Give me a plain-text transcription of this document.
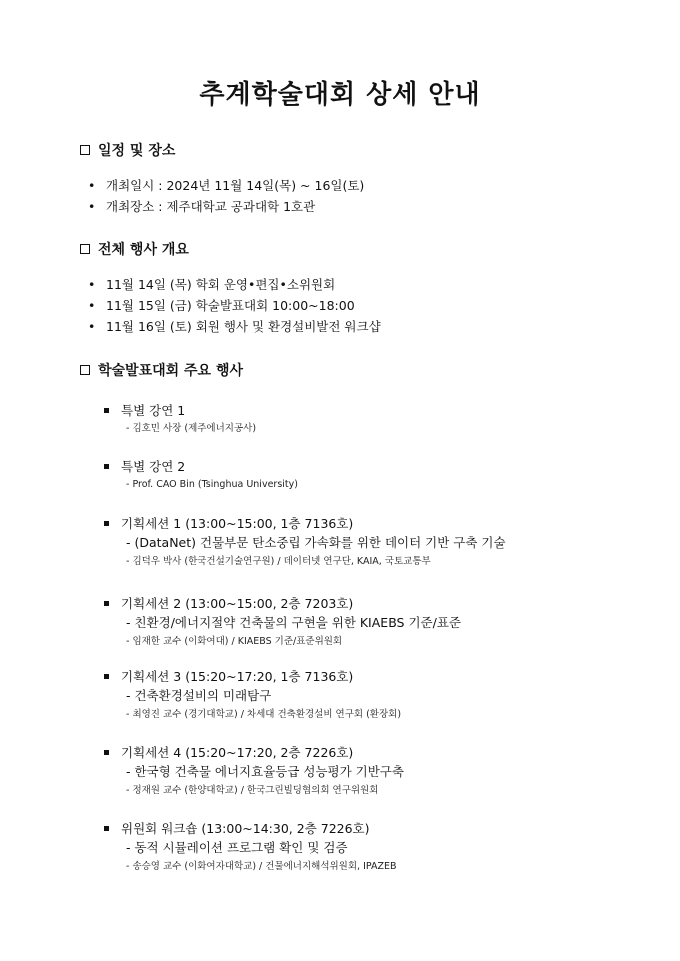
추계학술대회 상세 안내
일정 및 장소
• 개최일시 : 2024년 11월 14일(목) ~ 16일(토)
• 개최장소 : 제주대학교 공과대학 1호관
전체 행사 개요
• 11월 14일 (목) 학회 운영•편집•소위원회
• 11월 15일 (금) 학술발표대회 10:00~18:00
• 11월 16일 (토) 회원 행사 및 환경설비발전 워크샵
학술발표대회 주요 행사
특별 강연 1
- 김호민 사장 (제주에너지공사)
특별 강연 2
- Prof. CAO Bin (Tsinghua University)
기획세션 1 (13:00~15:00, 1층 7136호)
- (DataNet) 건물부문 탄소중립 가속화를 위한 데이터 기반 구축 기술
- 김덕우 박사 (한국건설기술연구원) / 데이터넷 연구단, KAIA, 국토교통부
기획세션 2 (13:00~15:00, 2층 7203호)
- 친환경/에너지절약 건축물의 구현을 위한 KIAEBS 기준/표준
- 임재한 교수 (이화여대) / KIAEBS 기준/표준위원회
기획세션 3 (15:20~17:20, 1층 7136호)
- 건축환경설비의 미래탐구
- 최영진 교수 (경기대학교) / 차세대 건축환경설비 연구회 (환장회)
기획세션 4 (15:20~17:20, 2층 7226호)
- 한국형 건축물 에너지효율등급 성능평가 기반구축
- 정재원 교수 (한양대학교) / 한국그린빌딩협의회 연구위원회
위원회 워크숍 (13:00~14:30, 2층 7226호)
- 동적 시뮬레이션 프로그램 확인 및 검증
- 송승영 교수 (이화여자대학교) / 건물에너지해석위원회, IPAZEB
